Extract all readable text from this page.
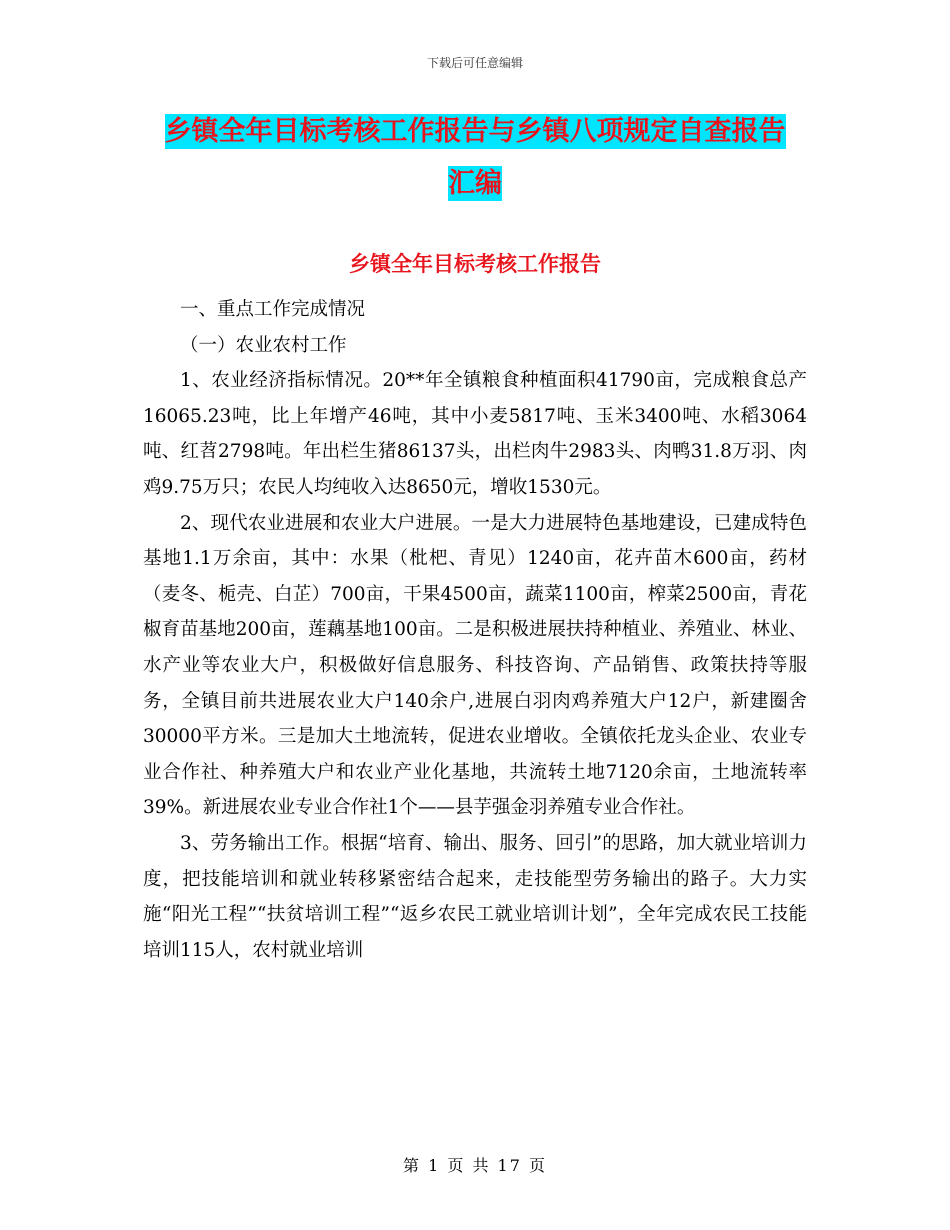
下载后可任意编辑
乡镇全年目标考核工作报告与乡镇八项规定自查报告
汇编
乡镇全年目标考核工作报告

一、重点工作完成情况

（一）农业农村工作

1、农业经济指标情况。20**年全镇粮食种植面积41790亩，完成粮食总产16065.23吨，比上年增产46吨，其中小麦5817吨、玉米3400吨、水稻3064吨、红苕2798吨。年出栏生猪86137头，出栏肉牛2983头、肉鸭31.8万羽、肉鸡9.75万只；农民人均纯收入达8650元，增收1530元。

2、现代农业进展和农业大户进展。一是大力进展特色基地建设，已建成特色基地1.1万余亩，其中：水果（枇杷、青见）1240亩，花卉苗木600亩，药材（麦冬、栀壳、白芷）700亩，干果4500亩，蔬菜1100亩，榨菜2500亩，青花椒育苗基地200亩，莲藕基地100亩。二是积极进展扶持种植业、养殖业、林业、水产业等农业大户，积极做好信息服务、科技咨询、产品销售、政策扶持等服务，全镇目前共进展农业大户140余户,进展白羽肉鸡养殖大户12户，新建圈舍30000平方米。三是加大土地流转，促进农业增收。全镇依托龙头企业、农业专业合作社、种养殖大户和农业产业化基地，共流转土地7120余亩，土地流转率39%。新进展农业专业合作社1个——县芋强金羽养殖专业合作社。

3、劳务输出工作。根据“培育、输出、服务、回引”的思路，加大就业培训力度，把技能培训和就业转移紧密结合起来，走技能型劳务输出的路子。大力实施“阳光工程”“扶贫培训工程”“返乡农民工就业培训计划”，全年完成农民工技能培训115人，农村就业培训

第 1 页 共 17 页
